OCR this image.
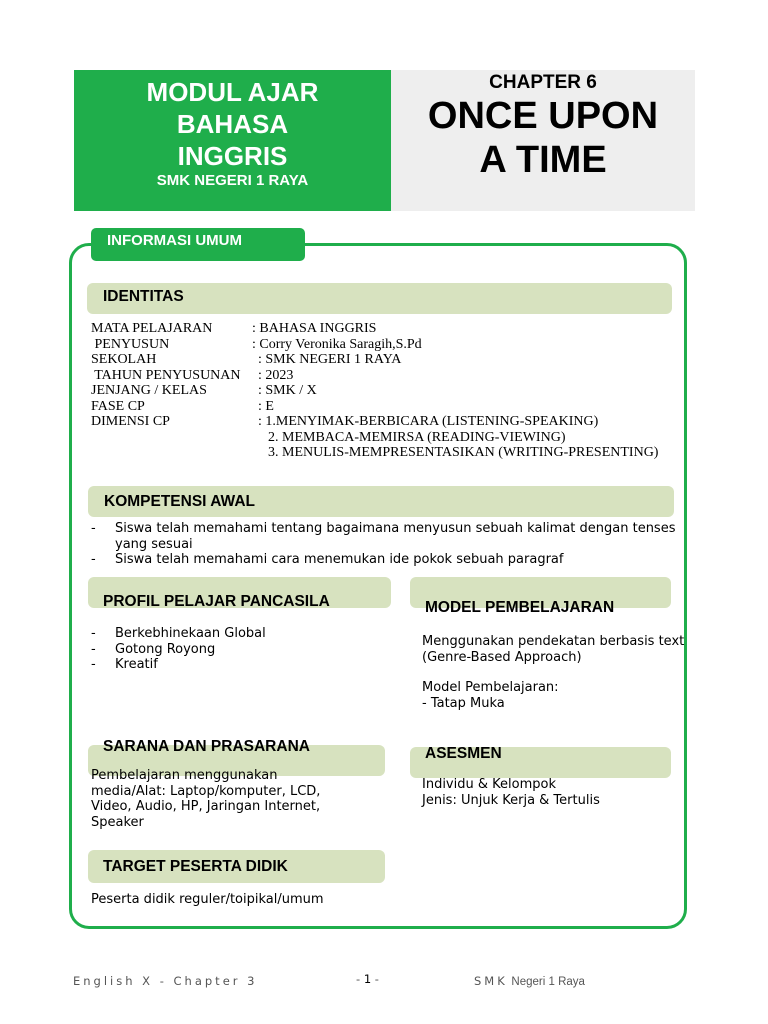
MODUL AJAR
BAHASA
INGGRIS
SMK NEGERI 1 RAYA
CHAPTER 6
ONCE UPON
A TIME
INFORMASI UMUM
IDENTITAS
MATA PELAJARAN	: BAHASA INGGRIS
PENYUSUN	: Corry Veronika Saragih,S.Pd
SEKOLAH	: SMK NEGERI 1 RAYA
TAHUN PENYUSUNAN : 2023
JENJANG / KELAS	: SMK / X
FASE CP	: E
DIMENSI CP	: 1.MENYIMAK-BERBICARA (LISTENING-SPEAKING)
2. MEMBACA-MEMIRSA (READING-VIEWING)
3. MENULIS-MEMPRESENTASIKAN (WRITING-PRESENTING)
KOMPETENSI AWAL
-	Siswa telah memahami tentang bagaimana menyusun sebuah kalimat dengan tenses yang sesuai
-	Siswa telah memahami cara menemukan ide pokok sebuah paragraf
PROFIL PELAJAR PANCASILA
-	Berkebhinekaan Global
-	Gotong Royong
-	Kreatif
MODEL PEMBELAJARAN
Menggunakan pendekatan berbasis text (Genre-Based Approach)
Model Pembelajaran:
- Tatap Muka
SARANA DAN PRASARANA
Pembelajaran menggunakan media/Alat: Laptop/komputer, LCD, Video, Audio, HP, Jaringan Internet, Speaker
ASESMEN
Individu & Kelompok
Jenis: Unjuk Kerja & Tertulis
TARGET PESERTA DIDIK
Peserta didik reguler/toipikal/umum
English X - Chapter 3	- 1 -	SMK Negeri 1 Raya
